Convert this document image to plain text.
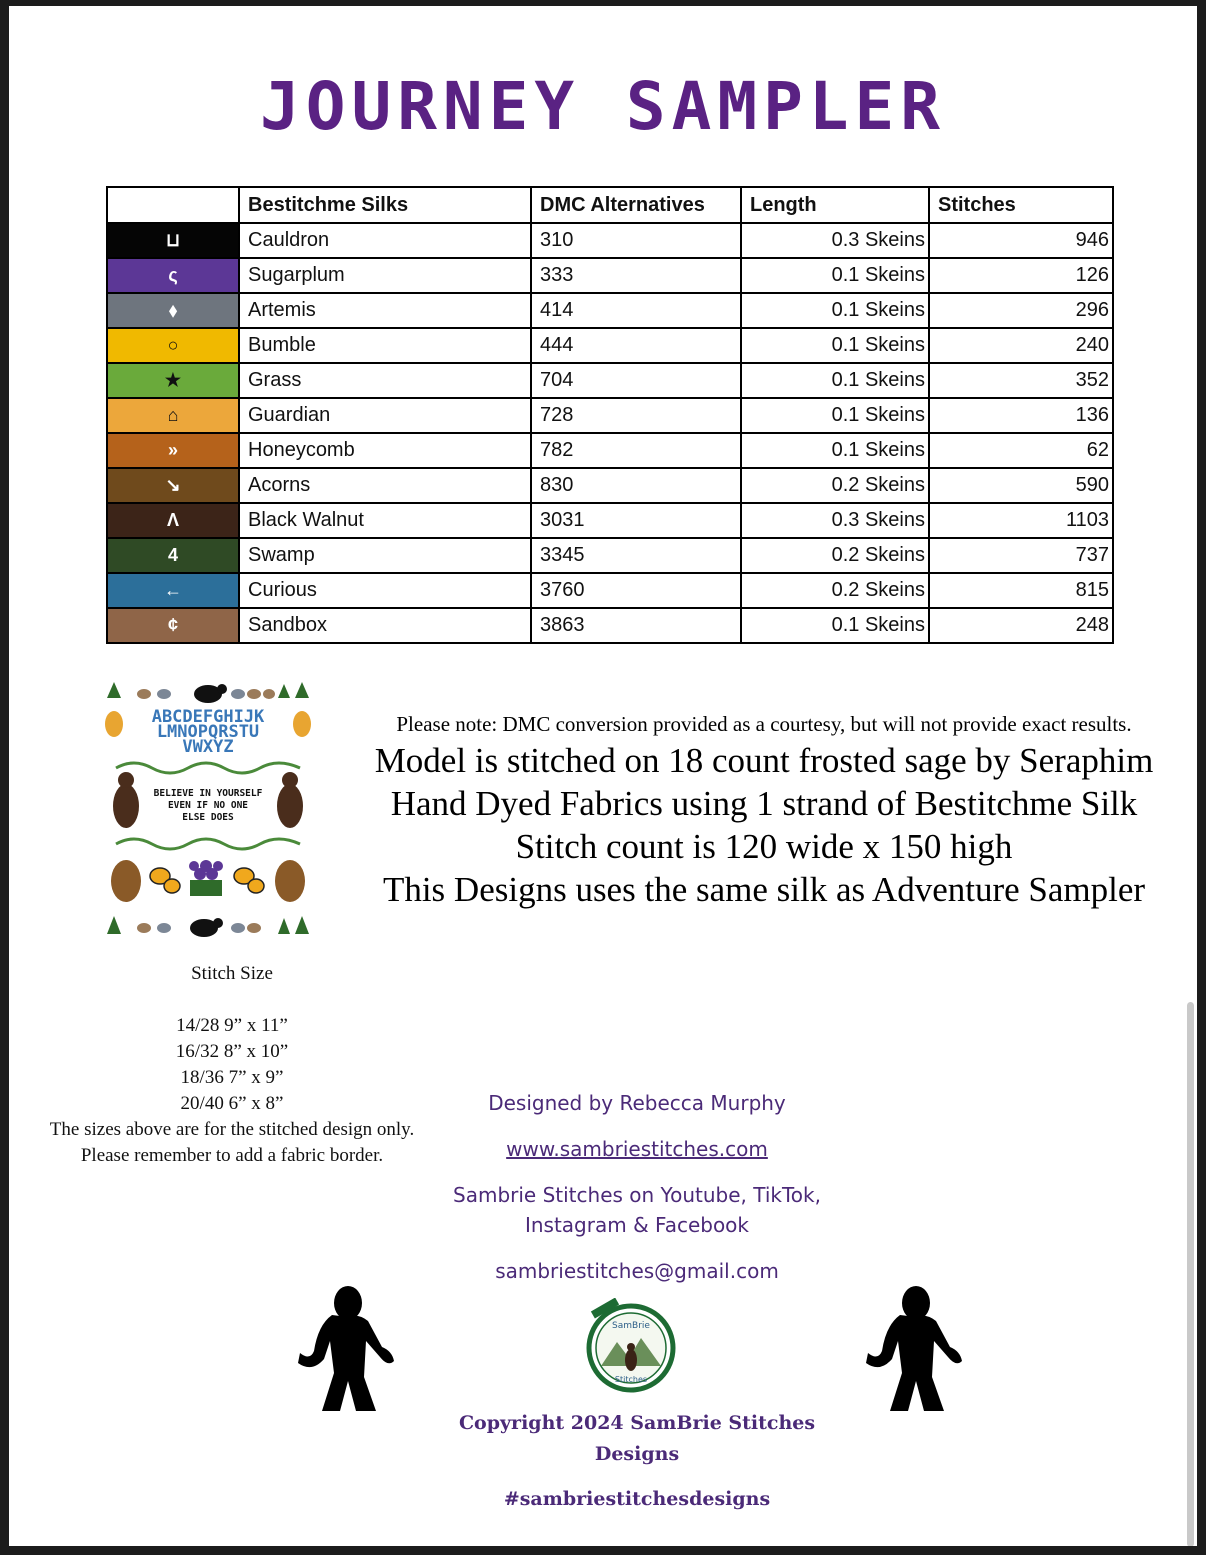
JOURNEY SAMPLER
	Bestitchme Silks	DMC Alternatives	Length	Stitches
⊔	Cauldron	310	0.3 Skeins	946
ς	Sugarplum	333	0.1 Skeins	126
⬧	Artemis	414	0.1 Skeins	296
○	Bumble	444	0.1 Skeins	240
★	Grass	704	0.1 Skeins	352
⌂	Guardian	728	0.1 Skeins	136
»	Honeycomb	782	0.1 Skeins	62
↘	Acorns	830	0.2 Skeins	590
Λ	Black Walnut	3031	0.3 Skeins	1103
4	Swamp	3345	0.2 Skeins	737
←	Curious	3760	0.2 Skeins	815
¢	Sandbox	3863	0.1 Skeins	248
ABCDEFGHIJK
LMNOPQRSTU
VWXYZ
BELIEVE IN YOURSELF
EVEN IF NO ONE
ELSE DOES
Please note: DMC conversion provided as a courtesy, but will not provide exact results.
Model is stitched on 18 count frosted sage by Seraphim
Hand Dyed Fabrics using 1 strand of Bestitchme Silk
Stitch count is 120 wide x 150 high
This Designs uses the same silk as Adventure Sampler
Stitch Size
14/28 9” x 11”
16/32 8” x 10”
18/36 7” x 9”
20/40 6” x 8”
The sizes above are for the stitched design only.
Please remember to add a fabric border.
Designed by Rebecca Murphy
www.sambriestitches.com
Sambrie Stitches on Youtube, TikTok,
Instagram & Facebook
sambriestitches@gmail.com
SamBrie
Stitches
Copyright 2024 SamBrie Stitches
Designs
#sambriestitchesdesigns
